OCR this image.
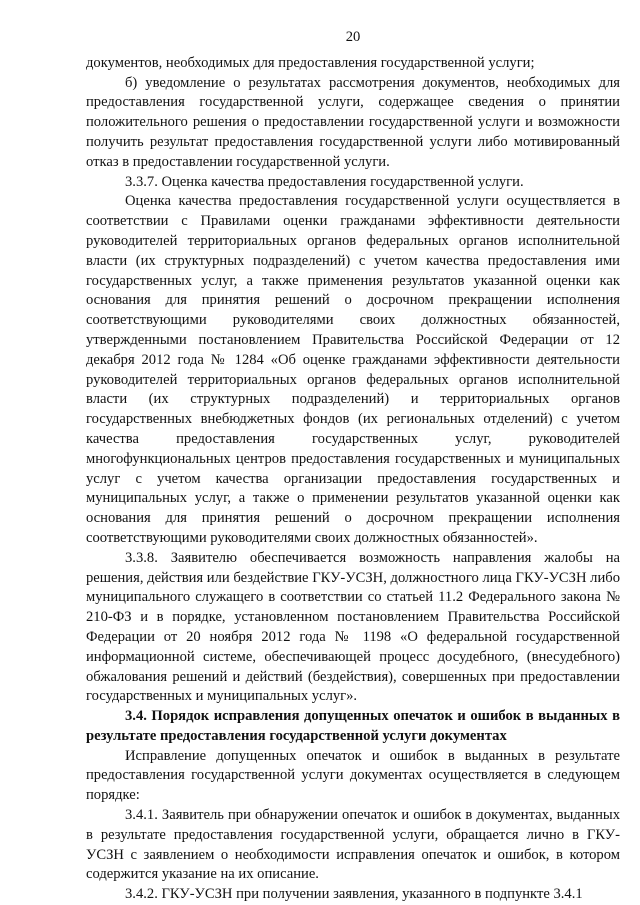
20

документов, необходимых для предоставления государственной услуги;

б) уведомление о результатах рассмотрения документов, необходимых для предоставления государственной услуги, содержащее сведения о принятии положительного решения о предоставлении государственной услуги и возможности получить результат предоставления государственной услуги либо мотивированный отказ в предоставлении государственной услуги.

3.3.7. Оценка качества предоставления государственной услуги.

Оценка качества предоставления государственной услуги осуществляется в соответствии с Правилами оценки гражданами эффективности деятельности руководителей территориальных органов федеральных органов исполнительной власти (их структурных подразделений) с учетом качества предоставления ими государственных услуг, а также применения результатов указанной оценки как основания для принятия решений о досрочном прекращении исполнения соответствующими руководителями своих должностных обязанностей, утвержденными постановлением Правительства Российской Федерации от 12 декабря 2012 года № 1284 «Об оценке гражданами эффективности деятельности руководителей территориальных органов федеральных органов исполнительной власти (их структурных подразделений) и территориальных органов государственных внебюджетных фондов (их региональных отделений) с учетом качества предоставления государственных услуг, руководителей многофункциональных центров предоставления государственных и муниципальных услуг с учетом качества организации предоставления государственных и муниципальных услуг, а также о применении результатов указанной оценки как основания для принятия решений о досрочном прекращении исполнения соответствующими руководителями своих должностных обязанностей».

3.3.8. Заявителю обеспечивается возможность направления жалобы на решения, действия или бездействие ГКУ-УСЗН, должностного лица ГКУ-УСЗН либо муниципального служащего в соответствии со статьей 11.2 Федерального закона № 210-ФЗ и в порядке, установленном постановлением Правительства Российской Федерации от 20 ноября 2012 года № 1198 «О федеральной государственной информационной системе, обеспечивающей процесс досудебного, (внесудебного) обжалования решений и действий (бездействия), совершенных при предоставлении государственных и муниципальных услуг».

3.4. Порядок исправления допущенных опечаток и ошибок в выданных в результате предоставления государственной услуги документах

Исправление допущенных опечаток и ошибок в выданных в результате предоставления государственной услуги документах осуществляется в следующем порядке:

3.4.1. Заявитель при обнаружении опечаток и ошибок в документах, выданных в результате предоставления государственной услуги, обращается лично в ГКУ-УСЗН с заявлением о необходимости исправления опечаток и ошибок, в котором содержится указание на их описание.

3.4.2. ГКУ-УСЗН при получении заявления, указанного в подпункте 3.4.1
